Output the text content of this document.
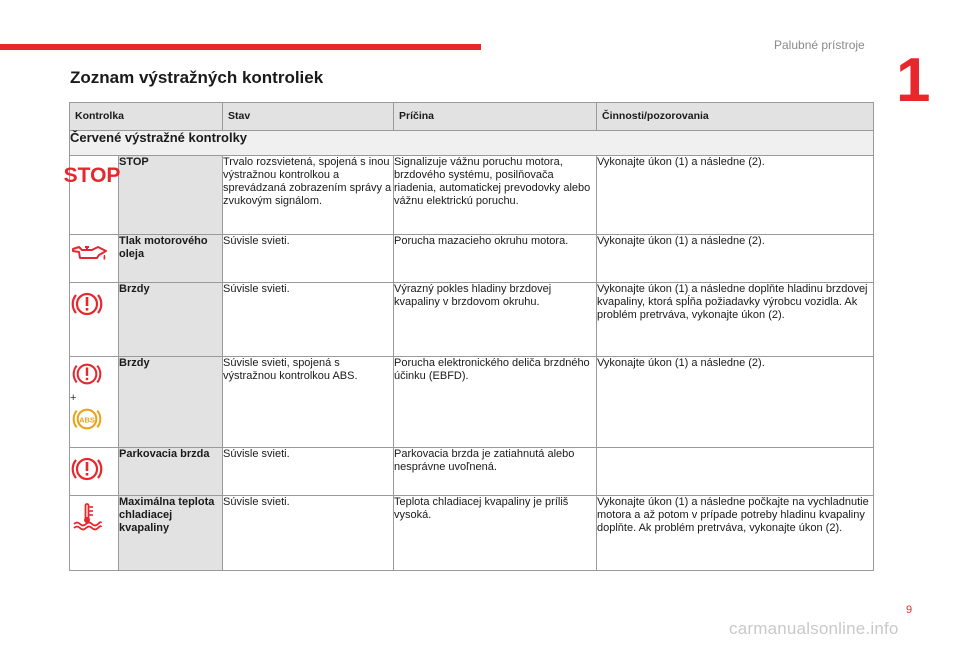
Palubné prístroje
1
Zoznam výstražných kontroliek
Kontrolka		Stav	Príčina	Činnosti/pozorovania
Červené výstražné kontrolky				

STOP	STOP	Trvalo rozsvietená, spojená s inou výstražnou kontrolkou a sprevádzaná zobrazením správy a zvukovým signálom.	Signalizuje vážnu poruchu motora, brzdového systému, posilňovača riadenia, automatickej prevodovky alebo vážnu elektrickú poruchu.	Vykonajte úkon (1) a následne (2).

	Tlak motorového oleja	Súvisle svieti.	Porucha mazacieho okruhu motora.	Vykonajte úkon (1) a následne (2).

	Brzdy	Súvisle svieti.	Výrazný pokles hladiny brzdovej kvapaliny v brzdovom okruhu.	Vykonajte úkon (1) a následne doplňte hladinu brzdovej kvapaliny, ktorá spĺňa požiadavky výrobcu vozidla. Ak problém pretrváva, vykonajte úkon (2).

+
ABS	Brzdy	Súvisle svieti, spojená s výstražnou kontrolkou ABS.	Porucha elektronického deliča brzdného účinku (EBFD).	Vykonajte úkon (1) a následne (2).

	Parkovacia brzda	Súvisle svieti.	Parkovacia brzda je zatiahnutá alebo nesprávne uvoľnená.	

	Maximálna teplota chladiacej kvapaliny	Súvisle svieti.	Teplota chladiacej kvapaliny je príliš vysoká.	Vykonajte úkon (1) a následne počkajte na vychladnutie motora a až potom v prípade potreby hladinu kvapaliny doplňte. Ak problém pretrváva, vykonajte úkon (2).
9
carmanualsonline.info
